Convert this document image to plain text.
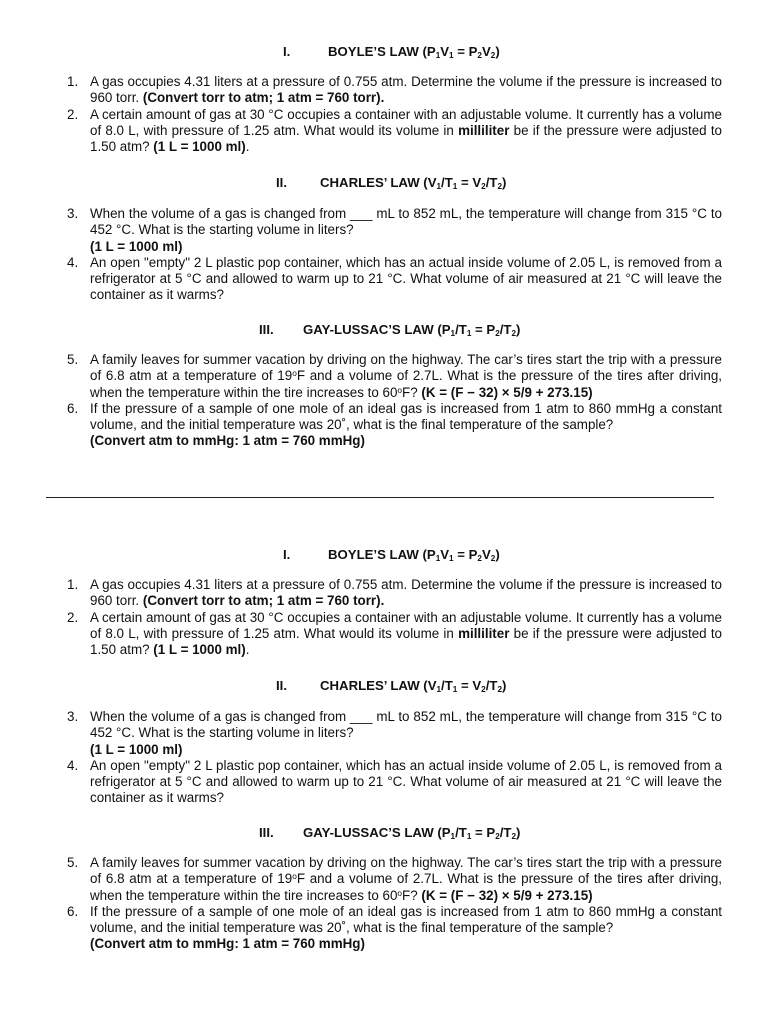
I.	BOYLE’S LAW $(P_1V_1 = P_2V_2)$
1. A gas occupies 4.31 liters at a pressure of 0.755 atm. Determine the volume if the pressure is increased to 960 torr. (Convert torr to atm; 1 atm = 760 torr).
2. A certain amount of gas at 30 °C occupies a container with an adjustable volume. It currently has a volume of 8.0 L, with pressure of 1.25 atm. What would its volume in milliliter be if the pressure were adjusted to 1.50 atm? (1 L = 1000 ml).
II.	CHARLES’ LAW $(V_1/T_1 = V_2/T_2)$
3. When the volume of a gas is changed from ___ mL to 852 mL, the temperature will change from 315 °C to 452 °C. What is the starting volume in liters?
(1 L = 1000 ml)
4. An open "empty" 2 L plastic pop container, which has an actual inside volume of 2.05 L, is removed from a refrigerator at 5 °C and allowed to warm up to 21 °C. What volume of air measured at 21 °C will leave the container as it warms?
III. GAY-LUSSAC’S LAW $(P_1/T_1 = P_2/T_2)$
5. A family leaves for summer vacation by driving on the highway. The car’s tires start the trip with a pressure of 6.8 atm at a temperature of 19$^o$F and a volume of 2.7L. What is the pressure of the tires after driving, when the temperature within the tire increases to 60$^o$F? (K = (F − 32) × 5/9 + 273.15)
6. If the pressure of a sample of one mole of an ideal gas is increased from 1 atm to 860 mmHg a constant volume, and the initial temperature was 20˚, what is the final temperature of the sample?
(Convert atm to mmHg: 1 atm = 760 mmHg)
I.	BOYLE’S LAW $(P_1V_1 = P_2V_2)$
1. A gas occupies 4.31 liters at a pressure of 0.755 atm. Determine the volume if the pressure is increased to 960 torr. (Convert torr to atm; 1 atm = 760 torr).
2. A certain amount of gas at 30 °C occupies a container with an adjustable volume. It currently has a volume of 8.0 L, with pressure of 1.25 atm. What would its volume in milliliter be if the pressure were adjusted to 1.50 atm? (1 L = 1000 ml).
II.	CHARLES’ LAW $(V_1/T_1 = V_2/T_2)$
3. When the volume of a gas is changed from ___ mL to 852 mL, the temperature will change from 315 °C to 452 °C. What is the starting volume in liters?
(1 L = 1000 ml)
4. An open "empty" 2 L plastic pop container, which has an actual inside volume of 2.05 L, is removed from a refrigerator at 5 °C and allowed to warm up to 21 °C. What volume of air measured at 21 °C will leave the container as it warms?
III. GAY-LUSSAC’S LAW $(P_1/T_1 = P_2/T_2)$
5. A family leaves for summer vacation by driving on the highway. The car’s tires start the trip with a pressure of 6.8 atm at a temperature of 19$^o$F and a volume of 2.7L. What is the pressure of the tires after driving, when the temperature within the tire increases to 60$^o$F? (K = (F − 32) × 5/9 + 273.15)
6. If the pressure of a sample of one mole of an ideal gas is increased from 1 atm to 860 mmHg a constant volume, and the initial temperature was 20˚, what is the final temperature of the sample?
(Convert atm to mmHg: 1 atm = 760 mmHg)
